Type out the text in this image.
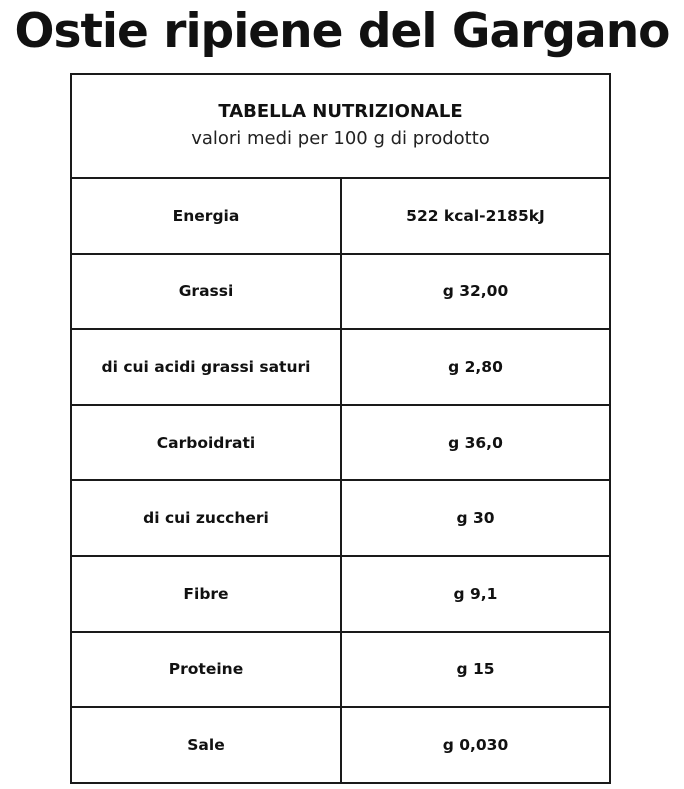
Ostie ripiene del Gargano
TABELLA NUTRIZIONALE
valori medi per 100 g di prodotto
Energia	522 kcal-2185kJ
Grassi	g 32,00
di cui acidi grassi saturi	g 2,80
Carboidrati	g 36,0
di cui zuccheri	g 30
Fibre	g 9,1
Proteine	g 15
Sale	g 0,030
